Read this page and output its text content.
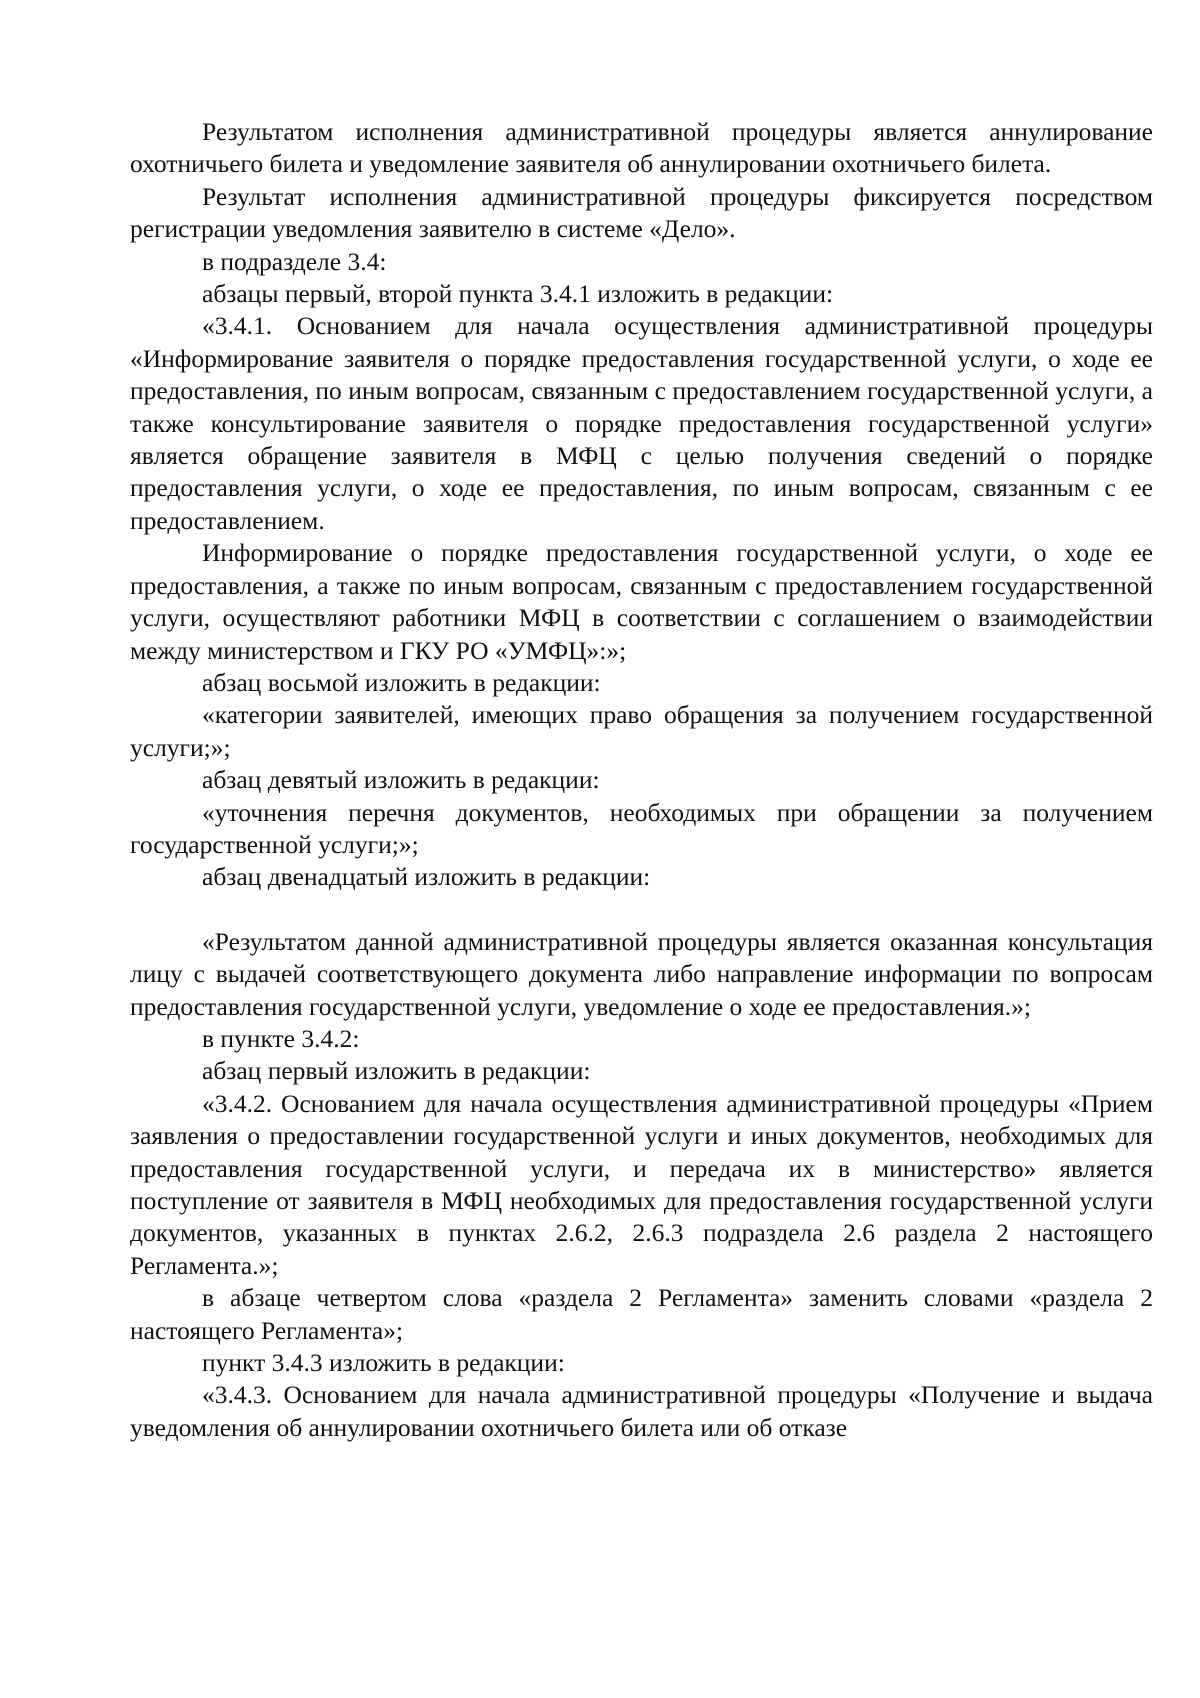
Результатом исполнения административной процедуры является аннулирование охотничьего билета и уведомление заявителя об аннулировании охотничьего билета.

Результат исполнения административной процедуры фиксируется посредством регистрации уведомления заявителю в системе «Дело».

в подразделе 3.4:

абзацы первый, второй пункта 3.4.1 изложить в редакции:

«3.4.1. Основанием для начала осуществления административной процедуры «Информирование заявителя о порядке предоставления государственной услуги, о ходе ее предоставления, по иным вопросам, связанным с предоставлением государственной услуги, а также консультирование заявителя о порядке предоставления государственной услуги» является обращение заявителя в МФЦ с целью получения сведений о порядке предоставления услуги, о ходе ее предоставления, по иным вопросам, связанным с ее предоставлением.

Информирование о порядке предоставления государственной услуги, о ходе ее предоставления, а также по иным вопросам, связанным с предоставлением государственной услуги, осуществляют работники МФЦ в соответствии с соглашением о взаимодействии между министерством и ГКУ РО «УМФЦ»:»;

абзац восьмой изложить в редакции:

«категории заявителей, имеющих право обращения за получением государственной услуги;»;

абзац девятый изложить в редакции:

«уточнения перечня документов, необходимых при обращении за получением государственной услуги;»;

абзац двенадцатый изложить в редакции:

«Результатом данной административной процедуры является оказанная консультация лицу с выдачей соответствующего документа либо направление информации по вопросам предоставления государственной услуги, уведомление о ходе ее предоставления.»;

в пункте 3.4.2:

абзац первый изложить в редакции:

«3.4.2. Основанием для начала осуществления административной процедуры «Прием заявления о предоставлении государственной услуги и иных документов, необходимых для предоставления государственной услуги, и передача их в министерство» является поступление от заявителя в МФЦ необходимых для предоставления государственной услуги документов, указанных в пунктах 2.6.2, 2.6.3 подраздела 2.6 раздела 2 настоящего Регламента.»;

в абзаце четвертом слова «раздела 2 Регламента» заменить словами «раздела 2 настоящего Регламента»;

пункт 3.4.3 изложить в редакции:

«3.4.3. Основанием для начала административной процедуры «Получение и выдача уведомления об аннулировании охотничьего билета или об отказе
